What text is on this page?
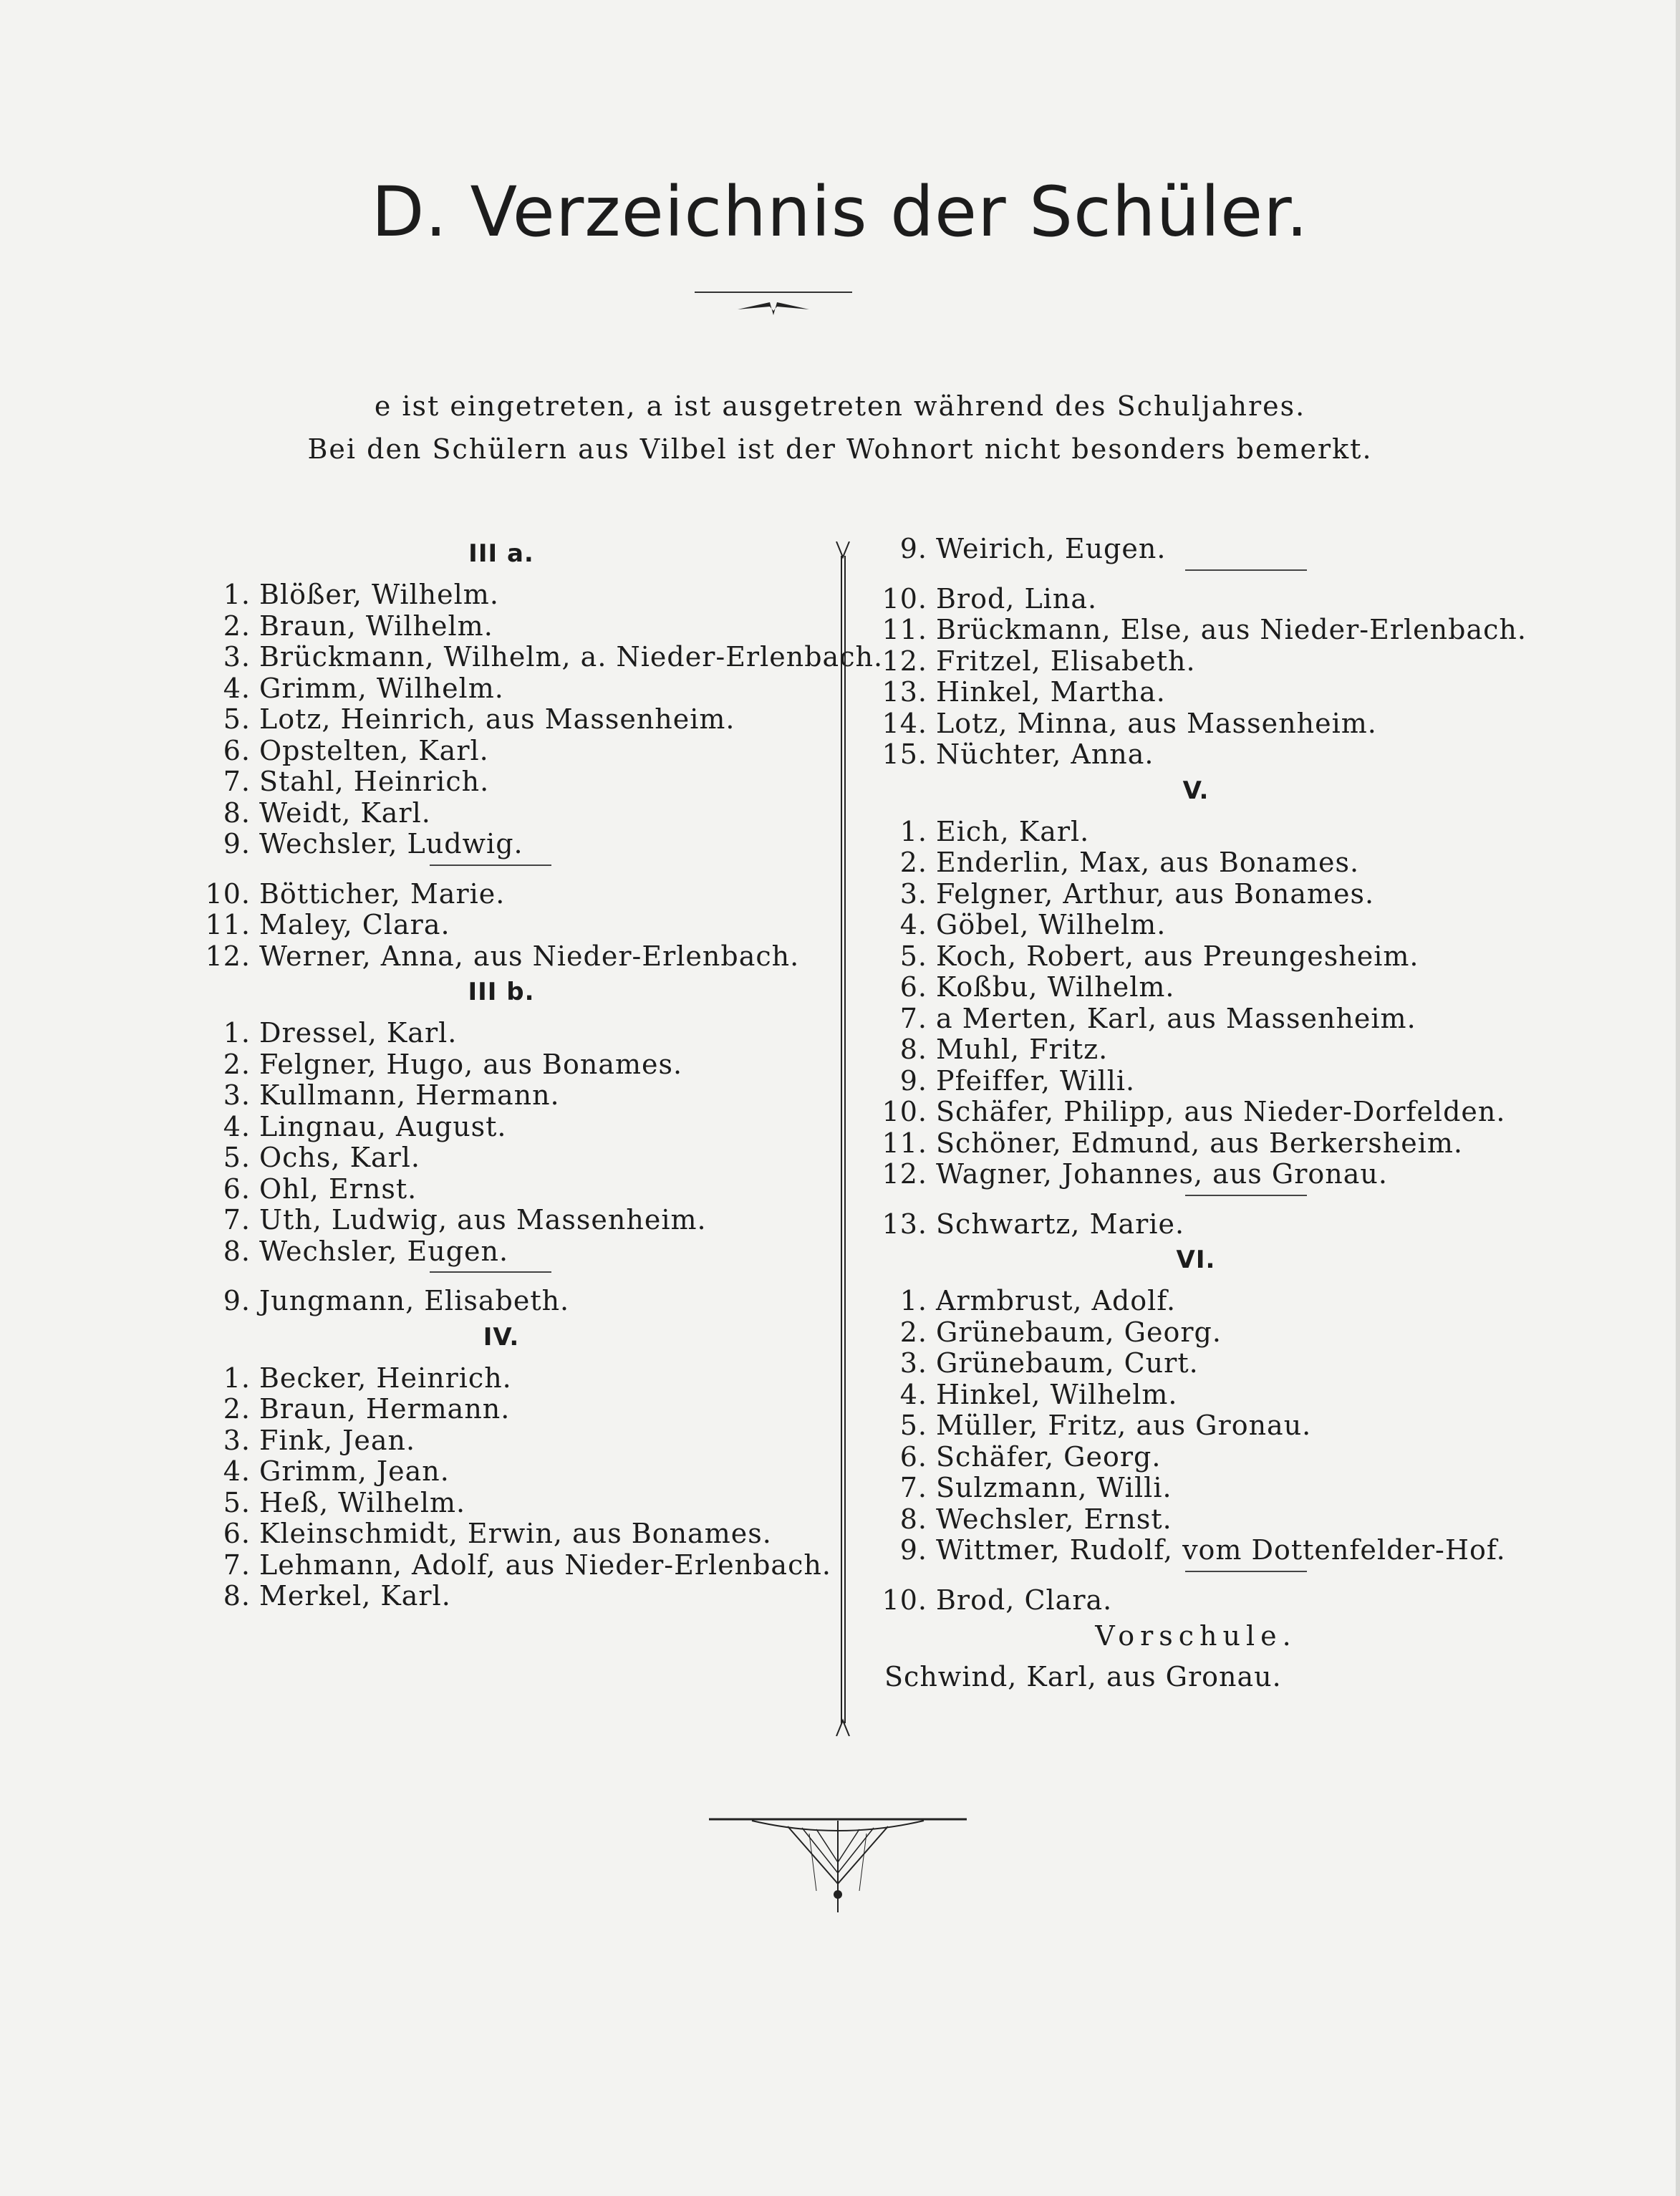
D. Verzeichnis der Schüler.
e ist eingetreten, a ist ausgetreten während des Schuljahres.
Bei den Schülern aus Vilbel ist der Wohnort nicht besonders bemerkt.
III a.
1. Blößer, Wilhelm.
2. Braun, Wilhelm.
3. Brückmann, Wilhelm, a. Nieder-Erlenbach.
4. Grimm, Wilhelm.
5. Lotz, Heinrich, aus Massenheim.
6. Opstelten, Karl.
7. Stahl, Heinrich.
8. Weidt, Karl.
9. Wechsler, Ludwig.
10. Bötticher, Marie.
11. Maley, Clara.
12. Werner, Anna, aus Nieder-Erlenbach.
III b.
1. Dressel, Karl.
2. Felgner, Hugo, aus Bonames.
3. Kullmann, Hermann.
4. Lingnau, August.
5. Ochs, Karl.
6. Ohl, Ernst.
7. Uth, Ludwig, aus Massenheim.
8. Wechsler, Eugen.
9. Jungmann, Elisabeth.
IV.
1. Becker, Heinrich.
2. Braun, Hermann.
3. Fink, Jean.
4. Grimm, Jean.
5. Heß, Wilhelm.
6. Kleinschmidt, Erwin, aus Bonames.
7. Lehmann, Adolf, aus Nieder-Erlenbach.
8. Merkel, Karl.
9. Weirich, Eugen.
10. Brod, Lina.
11. Brückmann, Else, aus Nieder-Erlenbach.
12. Fritzel, Elisabeth.
13. Hinkel, Martha.
14. Lotz, Minna, aus Massenheim.
15. Nüchter, Anna.
V.
1. Eich, Karl.
2. Enderlin, Max, aus Bonames.
3. Felgner, Arthur, aus Bonames.
4. Göbel, Wilhelm.
5. Koch, Robert, aus Preungesheim.
6. Koßbu, Wilhelm.
7. a Merten, Karl, aus Massenheim.
8. Muhl, Fritz.
9. Pfeiffer, Willi.
10. Schäfer, Philipp, aus Nieder-Dorfelden.
11. Schöner, Edmund, aus Berkersheim.
12. Wagner, Johannes, aus Gronau.
13. Schwartz, Marie.
VI.
1. Armbrust, Adolf.
2. Grünebaum, Georg.
3. Grünebaum, Curt.
4. Hinkel, Wilhelm.
5. Müller, Fritz, aus Gronau.
6. Schäfer, Georg.
7. Sulzmann, Willi.
8. Wechsler, Ernst.
9. Wittmer, Rudolf, vom Dottenfelder-Hof.
10. Brod, Clara.
Vorschule.
Schwind, Karl, aus Gronau.
